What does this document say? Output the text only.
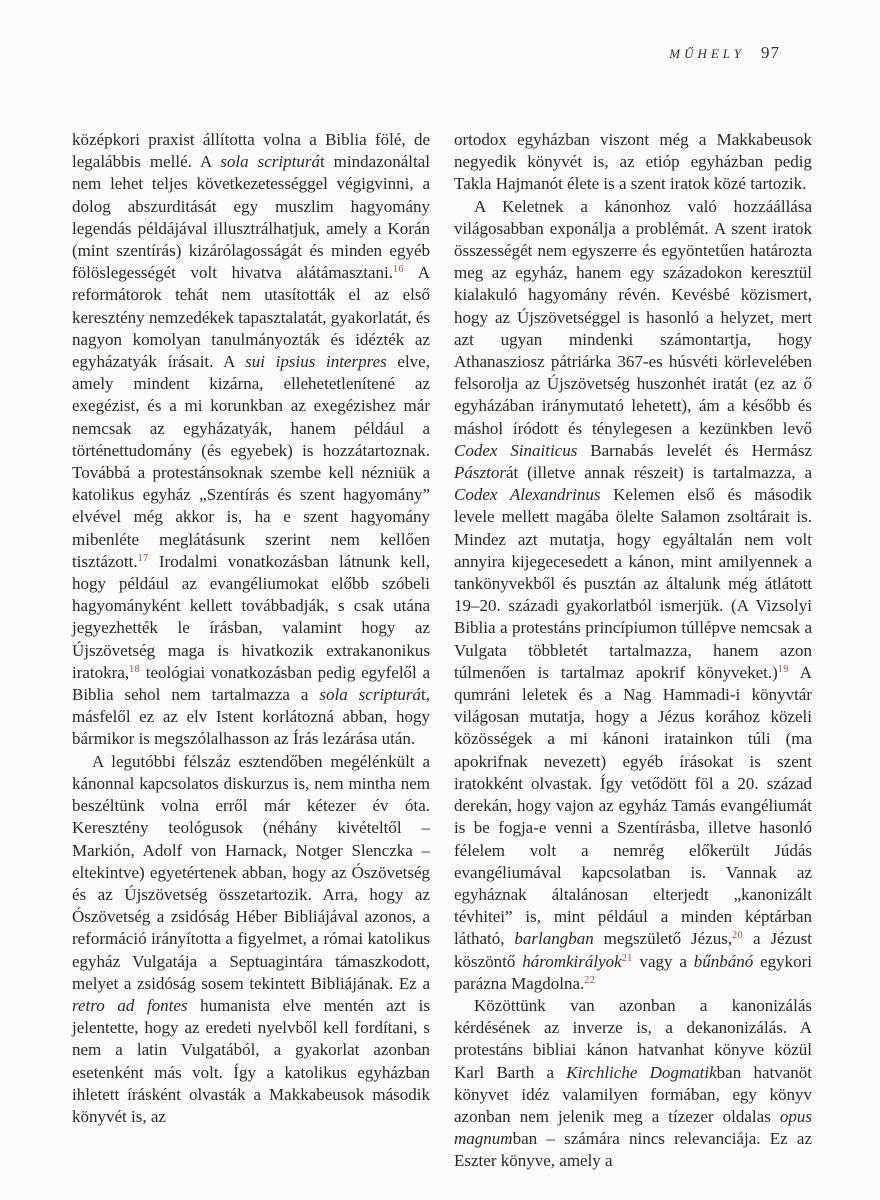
MŰHELY 97

középkori praxist állította volna a Biblia fölé, de legalábbis mellé. A sola scripturát mindazonáltal nem lehet teljes következetességgel végigvinni, a dolog abszurditását egy muszlim hagyomány legendás példájával illusztrálhatjuk, amely a Korán (mint szentírás) kizárólagosságát és minden egyéb fölöslegességét volt hivatva alátámasztani.$^{16}$ A reformátorok tehát nem utasították el az első keresztény nemzedékek tapasztalatát, gyakorlatát, és nagyon komolyan tanulmányozták és idézték az egyházatyák írásait. A sui ipsius interpres elve, amely mindent kizárna, ellehetetlenítené az exegézist, és a mi korunkban az exegézishez már nemcsak az egyházatyák, hanem például a történettudomány (és egyebek) is hozzátartoznak. Továbbá a protestánsoknak szembe kell nézniük a katolikus egyház „Szentírás és szent hagyomány” elvével még akkor is, ha e szent hagyomány mibenléte meglátásunk szerint nem kellően tisztázott.$^{17}$ Irodalmi vonatkozásban látnunk kell, hogy például az evangéliumokat előbb szóbeli hagyományként kellett továbbadják, s csak utána jegyezhették le írásban, valamint hogy az Újszövetség maga is hivatkozik extrakanonikus iratokra,$^{18}$ teológiai vonatkozásban pedig egyfelől a Biblia sehol nem tartalmazza a sola scripturát, másfelől ez az elv Istent korlátozná abban, hogy bármikor is megszólalhasson az Írás lezárása után.

A legutóbbi félszáz esztendőben megélénkült a kánonnal kapcsolatos diskurzus is, nem mintha nem beszéltünk volna erről már kétezer év óta. Keresztény teológusok (néhány kivételtől – Markión, Adolf von Harnack, Notger Slenczka – eltekintve) egyetértenek abban, hogy az Ószövetség és az Újszövetség összetartozik. Arra, hogy az Ószövetség a zsidóság Héber Bibliájával azonos, a reformáció irányította a figyelmet, a római katolikus egyház Vulgatája a Septuagintára támaszkodott, melyet a zsidóság sosem tekintett Bibliájának. Ez a retro ad fontes humanista elve mentén azt is jelentette, hogy az eredeti nyelvből kell fordítani, s nem a latin Vulgatából, a gyakorlat azonban esetenként más volt. Így a katolikus egyházban ihletett írásként olvasták a Makkabeusok második könyvét is, az

ortodox egyházban viszont még a Makkabeusok negyedik könyvét is, az etióp egyházban pedig Takla Hajmanót élete is a szent iratok közé tartozik.

A Keletnek a kánonhoz való hozzáállása világosabban exponálja a problémát. A szent iratok összességét nem egyszerre és egyöntetűen határozta meg az egyház, hanem egy századokon keresztül kialakuló hagyomány révén. Kevésbé közismert, hogy az Újszövetséggel is hasonló a helyzet, mert azt ugyan mindenki számontartja, hogy Athanasziosz pátriárka 367-es húsvéti körlevelében felsorolja az Újszövetség huszonhét iratát (ez az ő egyházában iránymutató lehetett), ám a később és máshol íródott és ténylegesen a kezünkben levő Codex Sinaiticus Barnabás levelét és Hermász Pásztorát (illetve annak részeit) is tartalmazza, a Codex Alexandrinus Kelemen első és második levele mellett magába ölelte Salamon zsoltárait is. Mindez azt mutatja, hogy egyáltalán nem volt annyira kijegecesedett a kánon, mint amilyennek a tankönyvekből és pusztán az általunk még átlátott 19–20. századi gyakorlatból ismerjük. (A Vizsolyi Biblia a protestáns princípiumon túllépve nemcsak a Vulgata többletét tartalmazza, hanem azon túlmenően is tartalmaz apokrif könyveket.)$^{19}$ A qumráni leletek és a Nag Hammadi-i könyvtár világosan mutatja, hogy a Jézus korához közeli közösségek a mi kánoni iratainkon túli (ma apokrifnak nevezett) egyéb írásokat is szent iratokként olvastak. Így vetődött föl a 20. század derekán, hogy vajon az egyház Tamás evangéliumát is be fogja-e venni a Szentírásba, illetve hasonló félelem volt a nemrég előkerült Júdás evangéliumával kapcsolatban is. Vannak az egyháznak általánosan elterjedt „kanonizált tévhitei” is, mint például a minden képtárban látható, barlangban megszülető Jézus,$^{20}$ a Jézust köszöntő háromkirályok$^{21}$ vagy a bűnbánó egykori parázna Magdolna.$^{22}$

Közöttünk van azonban a kanonizálás kérdésének az inverze is, a dekanonizálás. A protestáns bibliai kánon hatvanhat könyve közül Karl Barth a Kirchliche Dogmatikban hatvanöt könyvet idéz valamilyen formában, egy könyv azonban nem jelenik meg a tízezer oldalas opus magnumban – számára nincs relevanciája. Ez az Eszter könyve, amely a
